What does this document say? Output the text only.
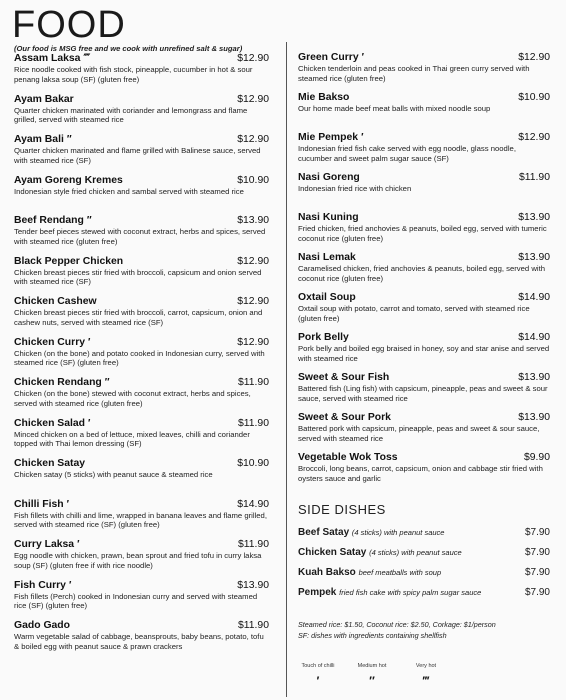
FOOD
(Our food is MSG free and we cook with unrefined salt & sugar)
Assam Laksa ⁗	$12.90
Rice noodle cooked with fish stock, pineapple, cucumber in hot & sour penang laksa soup (SF) (gluten free)
Ayam Bakar	$12.90
Quarter chicken marinated with coriander and lemongrass and flame grilled, served with steamed rice
Ayam Bali ″	$12.90
Quarter chicken marinated and flame grilled with Balinese sauce, served with steamed rice (SF)
Ayam Goreng Kremes	$10.90
Indonesian style fried chicken and sambal served with steamed rice
Beef Rendang ″	$13.90
Tender beef pieces stewed with coconut extract, herbs and spices, served with steamed rice (gluten free)
Black Pepper Chicken	$12.90
Chicken breast pieces stir fried with broccoli, capsicum and onion served with steamed rice (SF)
Chicken Cashew	$12.90
Chicken breast pieces stir fried with broccoli, carrot, capsicum, onion and cashew nuts, served with steamed rice (SF)
Chicken Curry ′	$12.90
Chicken (on the bone) and potato cooked in Indonesian curry, served with steamed rice (SF) (gluten free)
Chicken Rendang ″	$11.90
Chicken (on the bone) stewed with coconut extract, herbs and spices, served with steamed rice (gluten free)
Chicken Salad ′	$11.90
Minced chicken on a bed of lettuce, mixed leaves, chilli and coriander topped with Thai lemon dressing (SF)
Chicken Satay	$10.90
Chicken satay (5 sticks) with peanut sauce & steamed rice
Chilli Fish ′	$14.90
Fish fillets with chilli and lime, wrapped in banana leaves and flame grilled, served with steamed rice (SF) (gluten free)
Curry Laksa ′	$11.90
Egg noodle with chicken, prawn, bean sprout and fried tofu in curry laksa soup (SF) (gluten free if with rice noodle)
Fish Curry ′	$13.90
Fish fillets (Perch) cooked in Indonesian curry and served with steamed rice (SF) (gluten free)
Gado Gado	$11.90
Warm vegetable salad of cabbage, beansprouts, baby beans, potato, tofu & boiled egg with peanut sauce & prawn crackers
Green Curry ′	$12.90
Chicken tenderloin and peas cooked in Thai green curry served with steamed rice (gluten free)
Mie Bakso	$10.90
Our home made beef meat balls with mixed noodle soup
Mie Pempek ′	$12.90
Indonesian fried fish cake served with egg noodle, glass noodle, cucumber and sweet palm sugar sauce (SF)
Nasi Goreng	$11.90
Indonesian fried rice with chicken
Nasi Kuning	$13.90
Fried chicken, fried anchovies & peanuts, boiled egg, served with tumeric coconut rice (gluten free)
Nasi Lemak	$13.90
Caramelised chicken, fried anchovies & peanuts, boiled egg, served with coconut rice (gluten free)
Oxtail Soup	$14.90
Oxtail soup with potato, carrot and tomato, served with steamed rice (gluten free)
Pork Belly	$14.90
Pork belly and boiled egg braised in honey, soy and star anise and served with steamed rice
Sweet & Sour Fish	$13.90
Battered fish (Ling fish) with capsicum, pineapple, peas and sweet & sour sauce, served with steamed rice
Sweet & Sour Pork	$13.90
Battered pork with capsicum, pineapple, peas and sweet & sour sauce, served with steamed rice
Vegetable Wok Toss	$9.90
Broccoli, long beans, carrot, capsicum, onion and cabbage stir fried with oysters sauce and garlic
SIDE DISHES
Beef Satay (4 sticks) with peanut sauce	$7.90
Chicken Satay (4 sticks) with peanut sauce	$7.90
Kuah Bakso beef meatballs with soup	$7.90
Pempek fried fish cake with spicy palm sugar sauce	$7.90
Steamed rice: $1.50, Coconut rice: $2.50, Corkage: $1/person
SF: dishes with ingredients containing shellfish
Touch of chilli
′
Medium hot
″
Very hot
‴
